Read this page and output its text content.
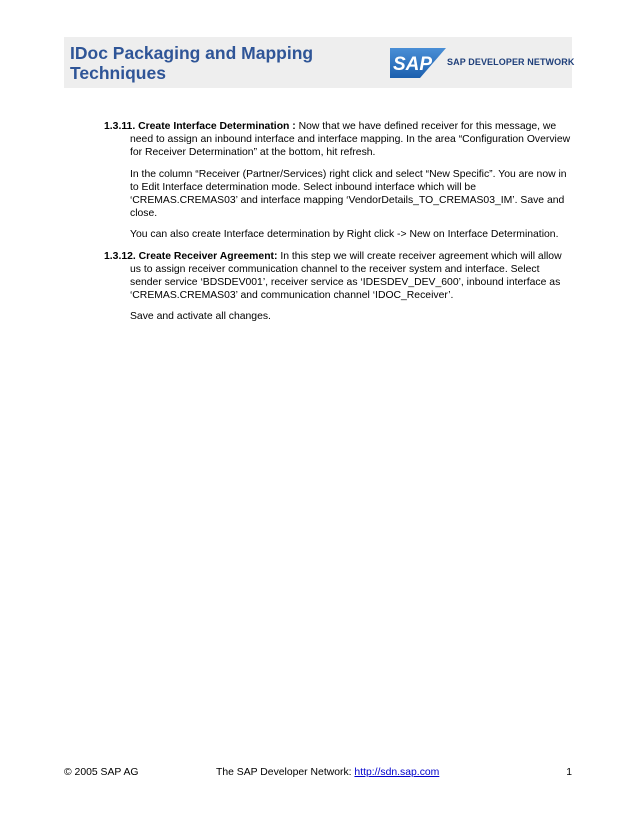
IDoc Packaging and Mapping
Techniques	SAP SAP DEVELOPER NETWORK

1.3.11. Create Interface Determination : Now that we have defined receiver for this message, we
need to assign an inbound interface and interface mapping. In the area “Configuration Overview for Receiver Determination” at the bottom, hit refresh.

In the column “Receiver (Partner/Services) right click and select “New Specific”. You are now in to Edit Interface determination mode. Select inbound interface which will be ‘CREMAS.CREMAS03’ and interface mapping ‘VendorDetails_TO_CREMAS03_IM’. Save and close.

You can also create Interface determination by Right click -> New on Interface Determination.

1.3.12. Create Receiver Agreement: In this step we will create receiver agreement which will allow
us to assign receiver communication channel to the receiver system and interface. Select sender service ‘BDSDEV001’, receiver service as ‘IDESDEV_DEV_600’, inbound interface as ‘CREMAS.CREMAS03’ and communication channel ‘IDOC_Receiver’.

Save and activate all changes.

© 2005 SAP AG	The SAP Developer Network: http://sdn.sap.com	1
